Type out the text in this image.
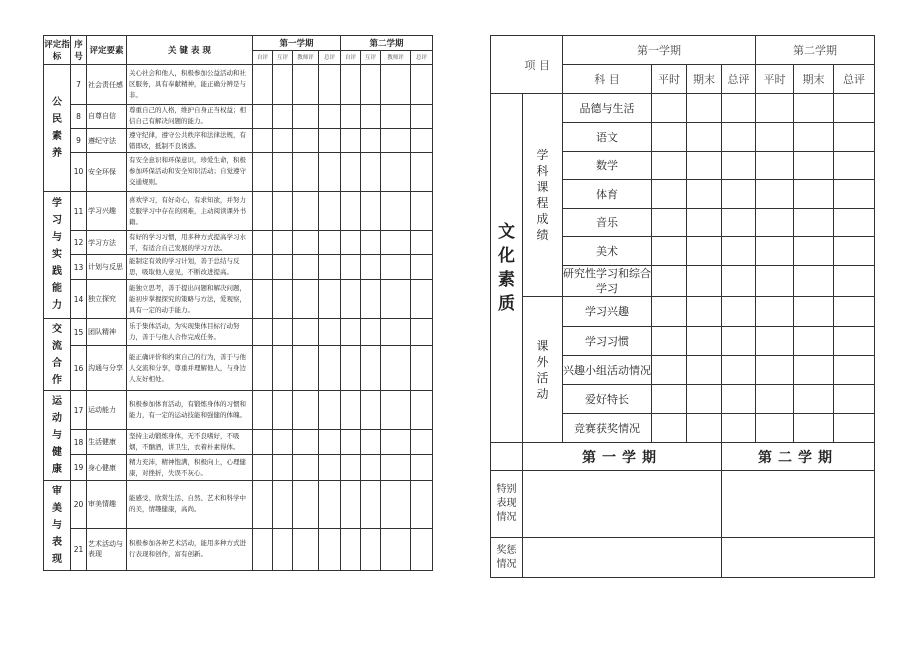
评定指标	序号	评定要素	关 键 表 现	第一学期				第二学期			
				自评	互评	教师评	总评	自评	互评	教师评	总评
公民素养	7	社会责任感	关心社会和他人，积极参加公益活动和社区服务，具有奉献精神，能正确分辨是与非。								
	8	自尊自信	尊重自己的人格，维护自身正当权益；相信自己有解决问题的能力。								
	9	遵纪守法	遵守纪律，遵守公共秩序和法律法规，有错即改，抵制不良诱惑。								
	10	安全环保	有安全意识和环保意识，珍爱生命，积极参加环保活动和安全知识活动；自觉遵守交通规则。								
学习与实践能力	11	学习兴趣	喜欢学习，有好奇心，有求知欲，并努力克服学习中存在的困难，主动阅读课外书籍。								
	12	学习方法	有好的学习习惯，用多种方式提高学习水平，有适合自己发展的学习方法。								
	13	计划与反思	能制定有效的学习计划，善于总结与反思，吸取他人意见，不断改进提高。								
	14	独立探究	能独立思考，善于提出问题和解决问题，能初步掌握探究的策略与方法，爱观察，具有一定的动手能力。								
交流合作	15	团队精神	乐于集体活动，为实现集体目标行动努力，善于与他人合作完成任务。								
	16	沟通与分享	能正确评价和约束自己的行为，善于与他人交流和分享，尊重并理解他人，与身边人友好相处。								
运动与健康	17	运动能力	积极参加体育活动，有锻炼身体的习惯和能力，有一定的运动技能和强健的体魄。								
	18	生活健康	坚持主动锻炼身体，无不良嗜好，不吸烟，不酗酒，讲卫生，衣着朴素得体。								
	19	身心健康	精力充沛，精神饱满，积极向上，心理健康，对挫折，失误不灰心。								
审美与表现	20	审美情趣	能感受、欣赏生活、自然、艺术和科学中的美，情趣健康，高尚。								
	21	艺术活动与表现	积极参加各种艺术活动，能用多种方式进行表现和创作，富有创新。								
项 目		第一学期				第二学期		
		科 目	平时	期末	总评	平时	期末	总评
文化素质	学科课程成绩	品德与生活						
		语文						
		数学						
		体育						
		音乐						
		美术						
		研究性学习和综合学习						
	课外活动	学习兴趣						
		学习习惯						
		兴趣小组活动情况						
		爱好特长						
		竞赛获奖情况						
	第一学期				第二学期			
特别表现情况								
奖惩情况								
